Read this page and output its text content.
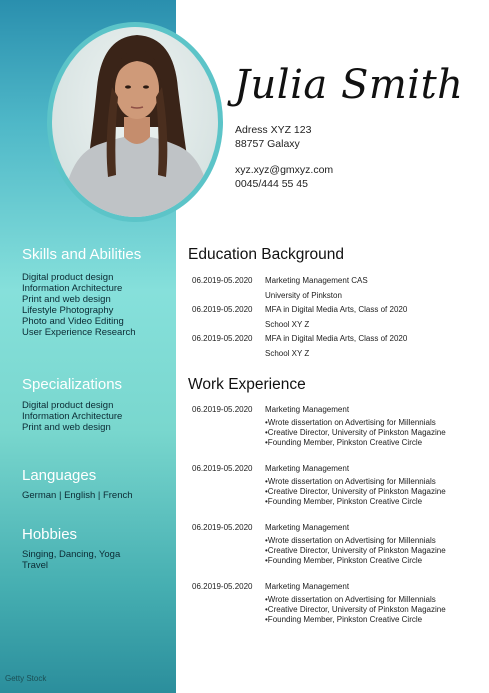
Julia Smith
Adress XYZ 123
88757 Galaxy
xyz.xyz@gmxyz.com
0045/444 55 45
Skills and Abilities
Digital product design
Information Architecture
Print and web design
Lifestyle Photography
Photo and Video Editing
User Experience Research
Specializations
Digital product design
Information Architecture
Print and web design
Languages
German | English | French
Hobbies
Singing, Dancing, Yoga
Travel
Getty Stock
Education Background
06.2019-05.2020 Marketing Management CAS
University of Pinkston
06.2019-05.2020 MFA in Digital Media Arts, Class of 2020
School XY Z
06.2019-05.2020 MFA in Digital Media Arts, Class of 2020
School XY Z
Work Experience
06.2019-05.2020 Marketing Management
•Wrote dissertation on Advertising for Millennials
•Creative Director, University of Pinkston Magazine
•Founding Member, Pinkston Creative Circle
06.2019-05.2020 Marketing Management
•Wrote dissertation on Advertising for Millennials
•Creative Director, University of Pinkston Magazine
•Founding Member, Pinkston Creative Circle
06.2019-05.2020 Marketing Management
•Wrote dissertation on Advertising for Millennials
•Creative Director, University of Pinkston Magazine
•Founding Member, Pinkston Creative Circle
06.2019-05.2020 Marketing Management
•Wrote dissertation on Advertising for Millennials
•Creative Director, University of Pinkston Magazine
•Founding Member, Pinkston Creative Circle
